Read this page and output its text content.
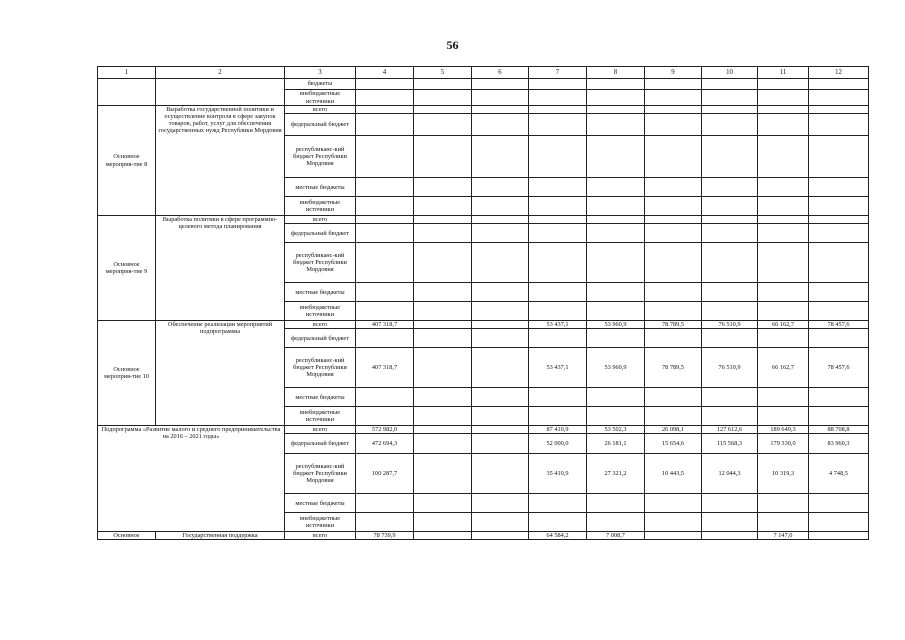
56
1	2	3	4	5	6	7	8	9	10	11	12
		бюджеты									
		внебюджетные источники									
Основное мероприя-тие 8	Выработка государственной политики и осуществление контроля в сфере закупок товаров, работ, услуг для обеспечения государственных нужд Республики Мордовия	всего									
		федеральный бюджет									
		республиканс-кий бюджет Республики Мордовия									
		местные бюджеты									
		внебюджетные источники									
Основное мероприя-тие 9	Выработка политики в сфере программно-целевого метода планирования	всего									
		федеральный бюджет									
		республиканс-кий бюджет Республики Мордовия									
		местные бюджеты									
		внебюджетные источники									
Основное мероприя-тие 10	Обеспечение реализации мероприятий подпрограммы	всего	407 318,7			53 437,1	53 960,9	78 789,5	76 510,9	66 162,7	78 457,6
		федеральный бюджет									
		республиканс-кий бюджет Республики Мордовия	407 318,7			53 437,1	53 960,9	78 789,5	76 510,9	66 162,7	78 457,6
		местные бюджеты									
		внебюджетные источники									
Подпрограмма «Развитие малого и среднего предпринимательства на 2016 – 2021 годы»		всего	572 982,0			87 410,9	53 502,3	26 098,1	127 612,6	189 649,3	88 708,8
		федеральный бюджет	472 694,3			52 000,0	26 181,1	15 654,6	115 568,3	179 330,0	83 960,3
		республиканс-кий бюджет Республики Мордовия	100 287,7			35 410,9	27 321,2	10 443,5	12 044,3	10 319,3	4 748,5
		местные бюджеты									
		внебюджетные источники									
Основное	Государственная поддержка	всего	78 739,9			64 584,2	7 008,7			7 147,0	
